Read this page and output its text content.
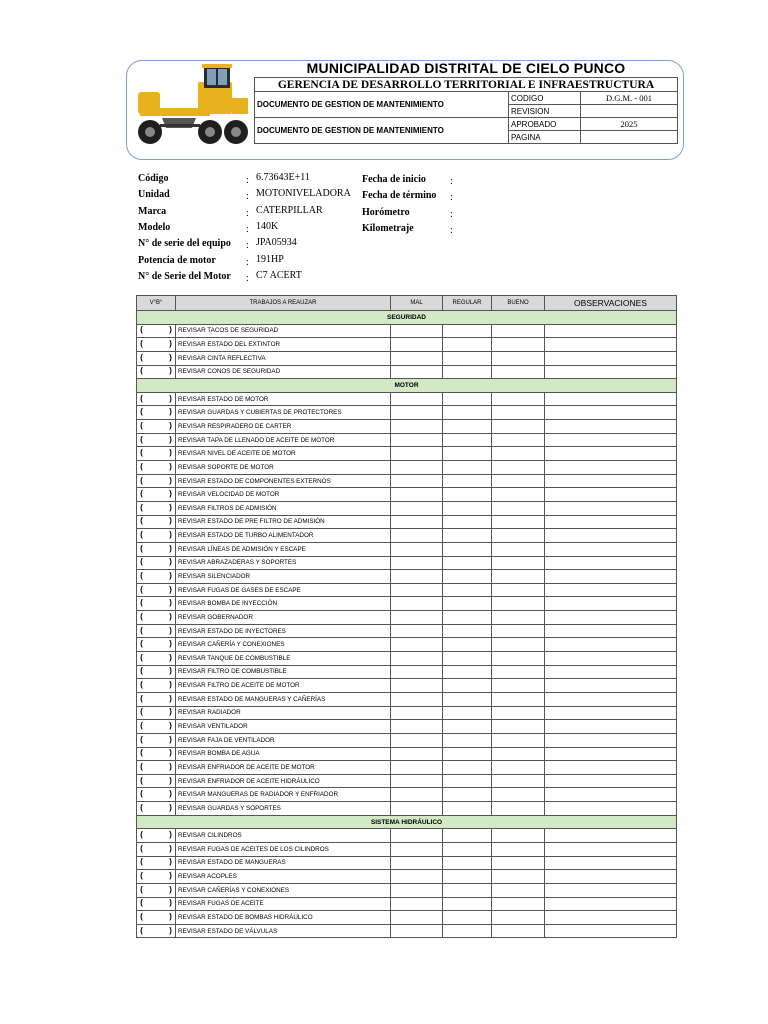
MUNICIPALIDAD DISTRITAL DE CIELO PUNCO
GERENCIA DE DESARROLLO TERRITORIAL E INFRAESTRUCTURA		
DOCUMENTO DE GESTION DE MANTENIMIENTO	CODIGO	D.G.M. - 001
	REVISION	
DOCUMENTO DE GESTION DE MANTENIMIENTO	APROBADO	2025
	PAGINA	
Código	: 6.73643E+11
Unidad	: MOTONIVELADORA
Marca	: CATERPILLAR
Modelo	: 140K
N° de serie del equipo : JPA05934
Potencia de motor	: 191HP
N° de Serie del Motor : C7 ACERT
Fecha de inicio :
Fecha de término :
Horómetro	:
Kilometraje	:
V°B°	TRABAJOS A REAUZAR	MAL	REGULAR	BUENO	OBSERVACIONES
SEGURIDAD					
(     )	REVISAR TACOS DE SEGURIDAD				
(     )	REVISAR ESTADO DEL EXTINTOR				
(     )	REVISAR CINTA REFLECTIVA				
(     )	REVISAR CONOS DE SEGURIDAD				
MOTOR					
(     )	REVISAR ESTADO DE MOTOR				
(     )	REVISAR GUARDAS Y CUBIERTAS DE PROTECTORES				
(     )	REVISAR RESPIRADERO DE CARTER				
(     )	REVISAR TAPA DE LLENADO DE ACEITE DE MOTOR				
(     )	REVISAR NIVEL DE ACEITE DE MOTOR				
(     )	REVISAR SOPORTE DE MOTOR				
(     )	REVISAR ESTADO DE COMPONENTES EXTERNOS				
(     )	REVISAR VELOCIDAD DE MOTOR				
(     )	REVISAR FILTROS DE ADMISIÓN				
(     )	REVISAR ESTADO DE PRE FILTRO DE ADMISIÓN				
(     )	REVISAR ESTADO DE TURBO ALIMENTADOR				
(     )	REVISAR LÍNEAS DE ADMISIÓN Y ESCAPE				
(     )	REVISAR ABRAZADERAS Y SOPORTES				
(     )	REVISAR SILENCIADOR				
(     )	REVISAR FUGAS DE GASES DE ESCAPE				
(     )	REVISAR BOMBA DE INYECCIÓN				
(     )	REVISAR GOBERNADOR				
(     )	REVISAR ESTADO DE INYECTORES				
(     )	REVISAR CAÑERÍA Y CONEXIONES				
(     )	REVISAR TANQUE DE COMBUSTIBLE				
(     )	REVISAR FILTRO DE COMBUSTIBLE				
(     )	REVISAR FILTRO DE ACEITE DE MOTOR				
(     )	REVISAR ESTADO DE MANGUERAS Y CAÑERÍAS				
(     )	REVISAR RADIADOR				
(     )	REVISAR VENTILADOR				
(     )	REVISAR FAJA DE VENTILADOR				
(     )	REVISAR BOMBA DE AGUA				
(     )	REVISAR ENFRIADOR DE ACEITE DE MOTOR				
(     )	REVISAR ENFRIADOR DE ACEITE HIDRÁULICO				
(     )	REVISAR MANGUERAS DE RADIADOR Y ENFRIADOR				
(     )	REVISAR GUARDAS Y SOPORTES				
SISTEMA HIDRÁULICO					
(     )	REVISAR CILINDROS				
(     )	REVISAR FUGAS DE ACEITES DE LOS CILINDROS				
(     )	REVISAR ESTADO DE MANGUERAS				
(     )	REVISAR ACOPLES				
(     )	REVISAR CAÑERÍAS Y CONEXIONES				
(     )	REVISAR FUGAS DE ACEITE				
(     )	REVISAR ESTADO DE BOMBAS HIDRÁULICO				
(     )	REVISAR ESTADO DE VÁLVULAS				
